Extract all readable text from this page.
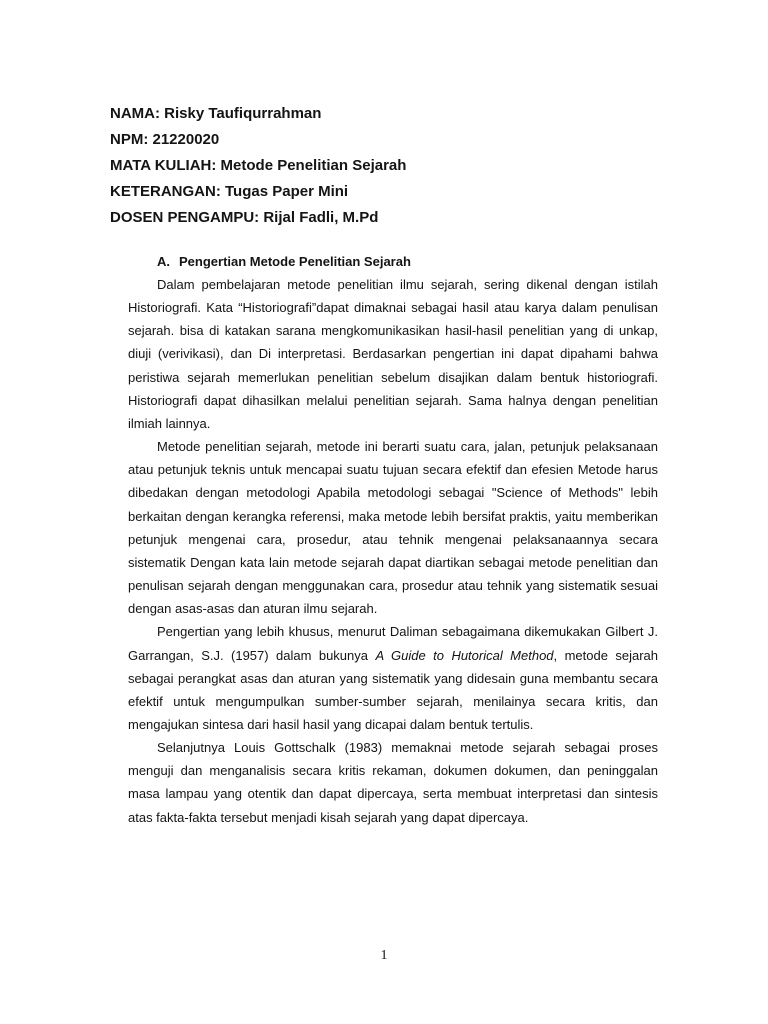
NAMA: Risky Taufiqurrahman
NPM: 21220020
MATA KULIAH: Metode Penelitian Sejarah
KETERANGAN: Tugas Paper Mini
DOSEN PENGAMPU: Rijal Fadli, M.Pd
A. Pengertian Metode Penelitian Sejarah

Dalam pembelajaran metode penelitian ilmu sejarah, sering dikenal dengan istilah Historiografi. Kata “Historiografi”dapat dimaknai sebagai hasil atau karya dalam penulisan sejarah. bisa di katakan sarana mengkomunikasikan hasil-hasil penelitian yang di unkap, diuji (verivikasi), dan Di interpretasi. Berdasarkan pengertian ini dapat dipahami bahwa peristiwa sejarah memerlukan penelitian sebelum disajikan dalam bentuk historiografi. Historiografi dapat dihasilkan melalui penelitian sejarah. Sama halnya dengan penelitian ilmiah lainnya.

Metode penelitian sejarah, metode ini berarti suatu cara, jalan, petunjuk pelaksanaan atau petunjuk teknis untuk mencapai suatu tujuan secara efektif dan efesien Metode harus dibedakan dengan metodologi Apabila metodologi sebagai "Science of Methods" lebih berkaitan dengan kerangka referensi, maka metode lebih bersifat praktis, yaitu memberikan petunjuk mengenai cara, prosedur, atau tehnik mengenai pelaksanaannya secara sistematik Dengan kata lain metode sejarah dapat diartikan sebagai metode penelitian dan penulisan sejarah dengan menggunakan cara, prosedur atau tehnik yang sistematik sesuai dengan asas-asas dan aturan ilmu sejarah.

Pengertian yang lebih khusus, menurut Daliman sebagaimana dikemukakan Gilbert J. Garrangan, S.J. (1957) dalam bukunya A Guide to Hutorical Method, metode sejarah sebagai perangkat asas dan aturan yang sistematik yang didesain guna membantu secara efektif untuk mengumpulkan sumber-sumber sejarah, menilainya secara kritis, dan mengajukan sintesa dari hasil hasil yang dicapai dalam bentuk tertulis.

Selanjutnya Louis Gottschalk (1983) memaknai metode sejarah sebagai proses menguji dan menganalisis secara kritis rekaman, dokumen dokumen, dan peninggalan masa lampau yang otentik dan dapat dipercaya, serta membuat interpretasi dan sintesis atas fakta-fakta tersebut menjadi kisah sejarah yang dapat dipercaya.

1
